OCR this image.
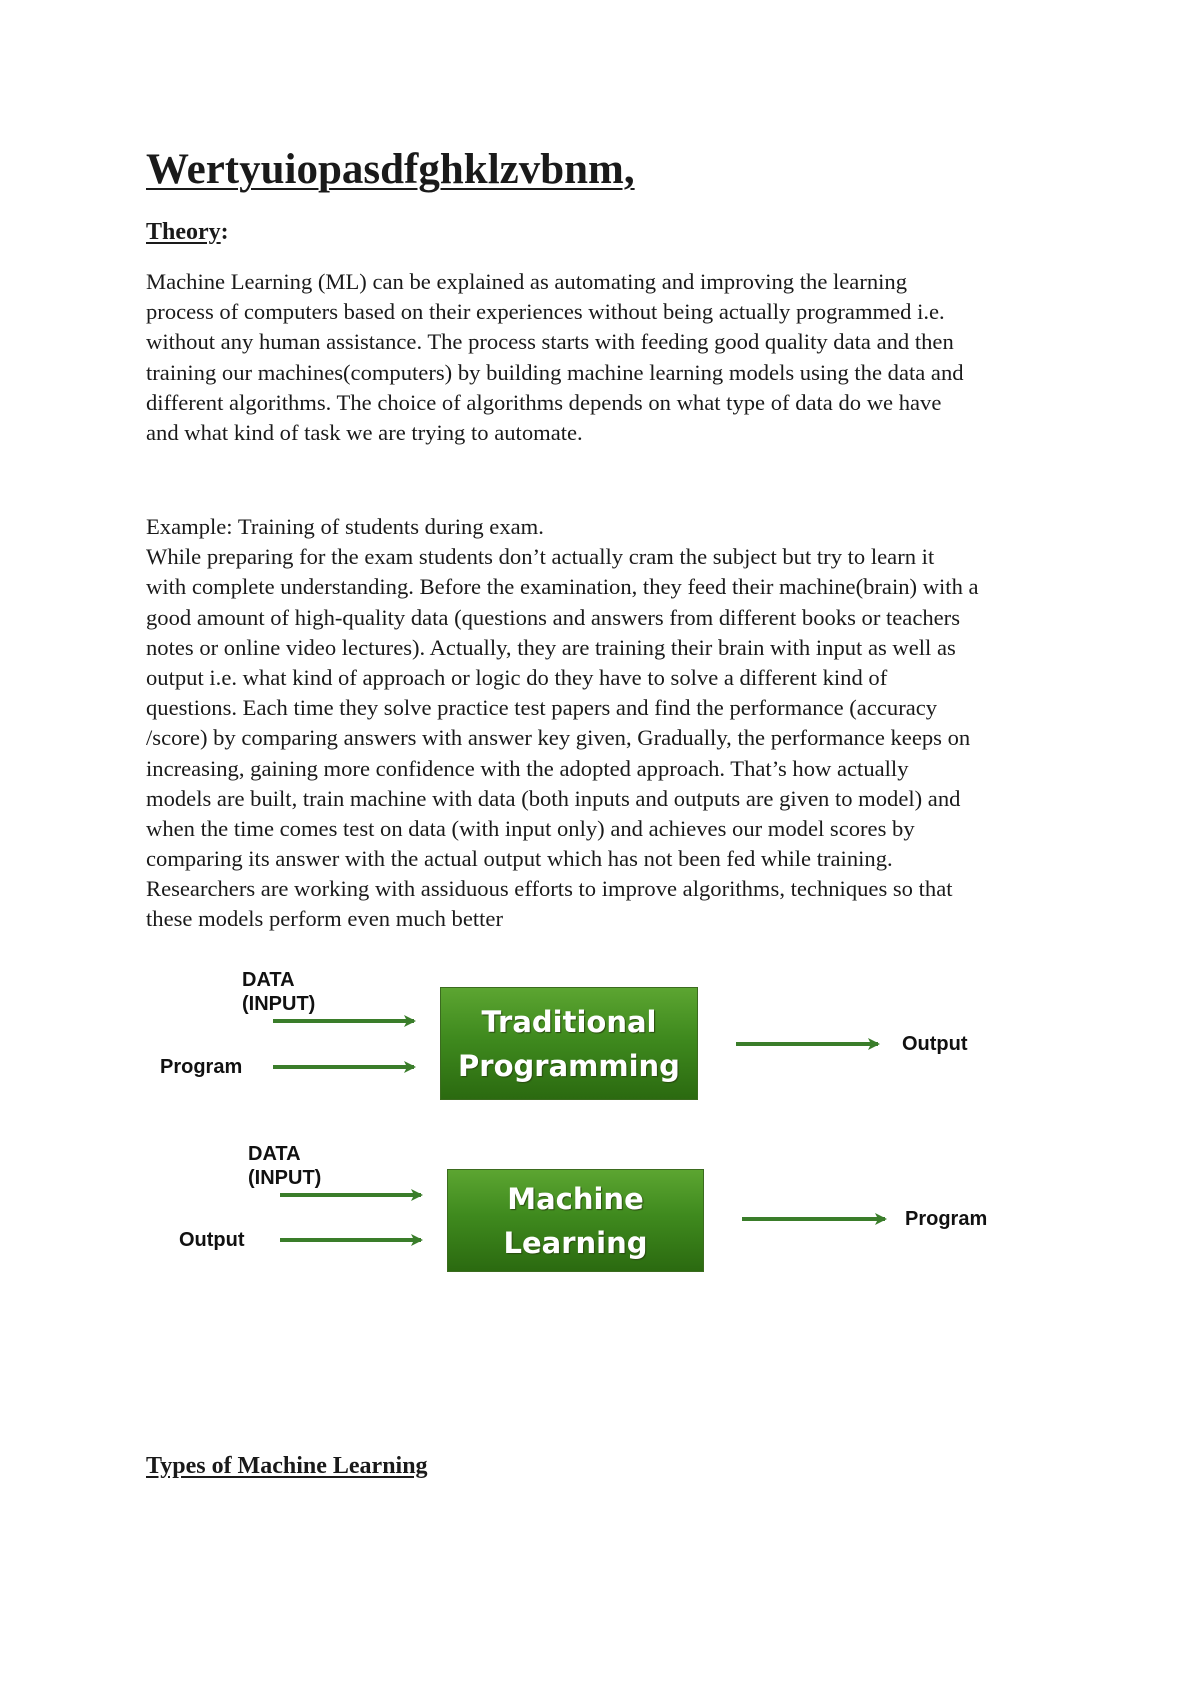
Wertyuiopasdfghklzvbnm,
Theory:

Machine Learning (ML) can be explained as automating and improving the learning
process of computers based on their experiences without being actually programmed i.e.
without any human assistance. The process starts with feeding good quality data and then
training our machines(computers) by building machine learning models using the data and
different algorithms. The choice of algorithms depends on what type of data do we have
and what kind of task we are trying to automate.

Example: Training of students during exam.
While preparing for the exam students don’t actually cram the subject but try to learn it
with complete understanding. Before the examination, they feed their machine(brain) with a
good amount of high-quality data (questions and answers from different books or teachers
notes or online video lectures). Actually, they are training their brain with input as well as
output i.e. what kind of approach or logic do they have to solve a different kind of
questions. Each time they solve practice test papers and find the performance (accuracy
/score) by comparing answers with answer key given, Gradually, the performance keeps on
increasing, gaining more confidence with the adopted approach. That’s how actually
models are built, train machine with data (both inputs and outputs are given to model) and
when the time comes test on data (with input only) and achieves our model scores by
comparing its answer with the actual output which has not been fed while training.
Researchers are working with assiduous efforts to improve algorithms, techniques so that
these models perform even much better

DATA
(INPUT)
Program
Traditional
Programming
Output
DATA
(INPUT)
Output
Machine
Learning
Program
Types of Machine Learning
